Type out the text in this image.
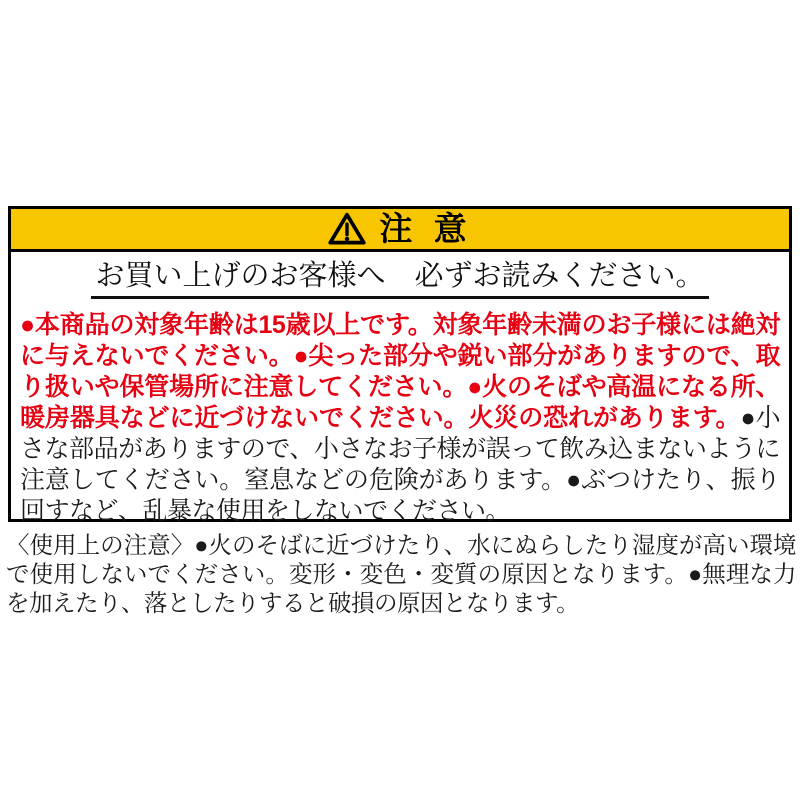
注 意
お買い上げのお客様へ　必ずお読みください。

●本商品の対象年齢は15歳以上です。対象年齢未満のお子様には絶対に与えないでください。●尖った部分や鋭い部分がありますので、取り扱いや保管場所に注意してください。●火のそばや高温になる所、暖房器具などに近づけないでください。火災の恐れがあります。●小さな部品がありますので、小さなお子様が誤って飲み込まないように注意してください。窒息などの危険があります。●ぶつけたり、振り回すなど、乱暴な使用をしないでください。

〈使用上の注意〉●火のそばに近づけたり、水にぬらしたり湿度が高い環境で使用しないでください。変形・変色・変質の原因となります。●無理な力を加えたり、落としたりすると破損の原因となります。
